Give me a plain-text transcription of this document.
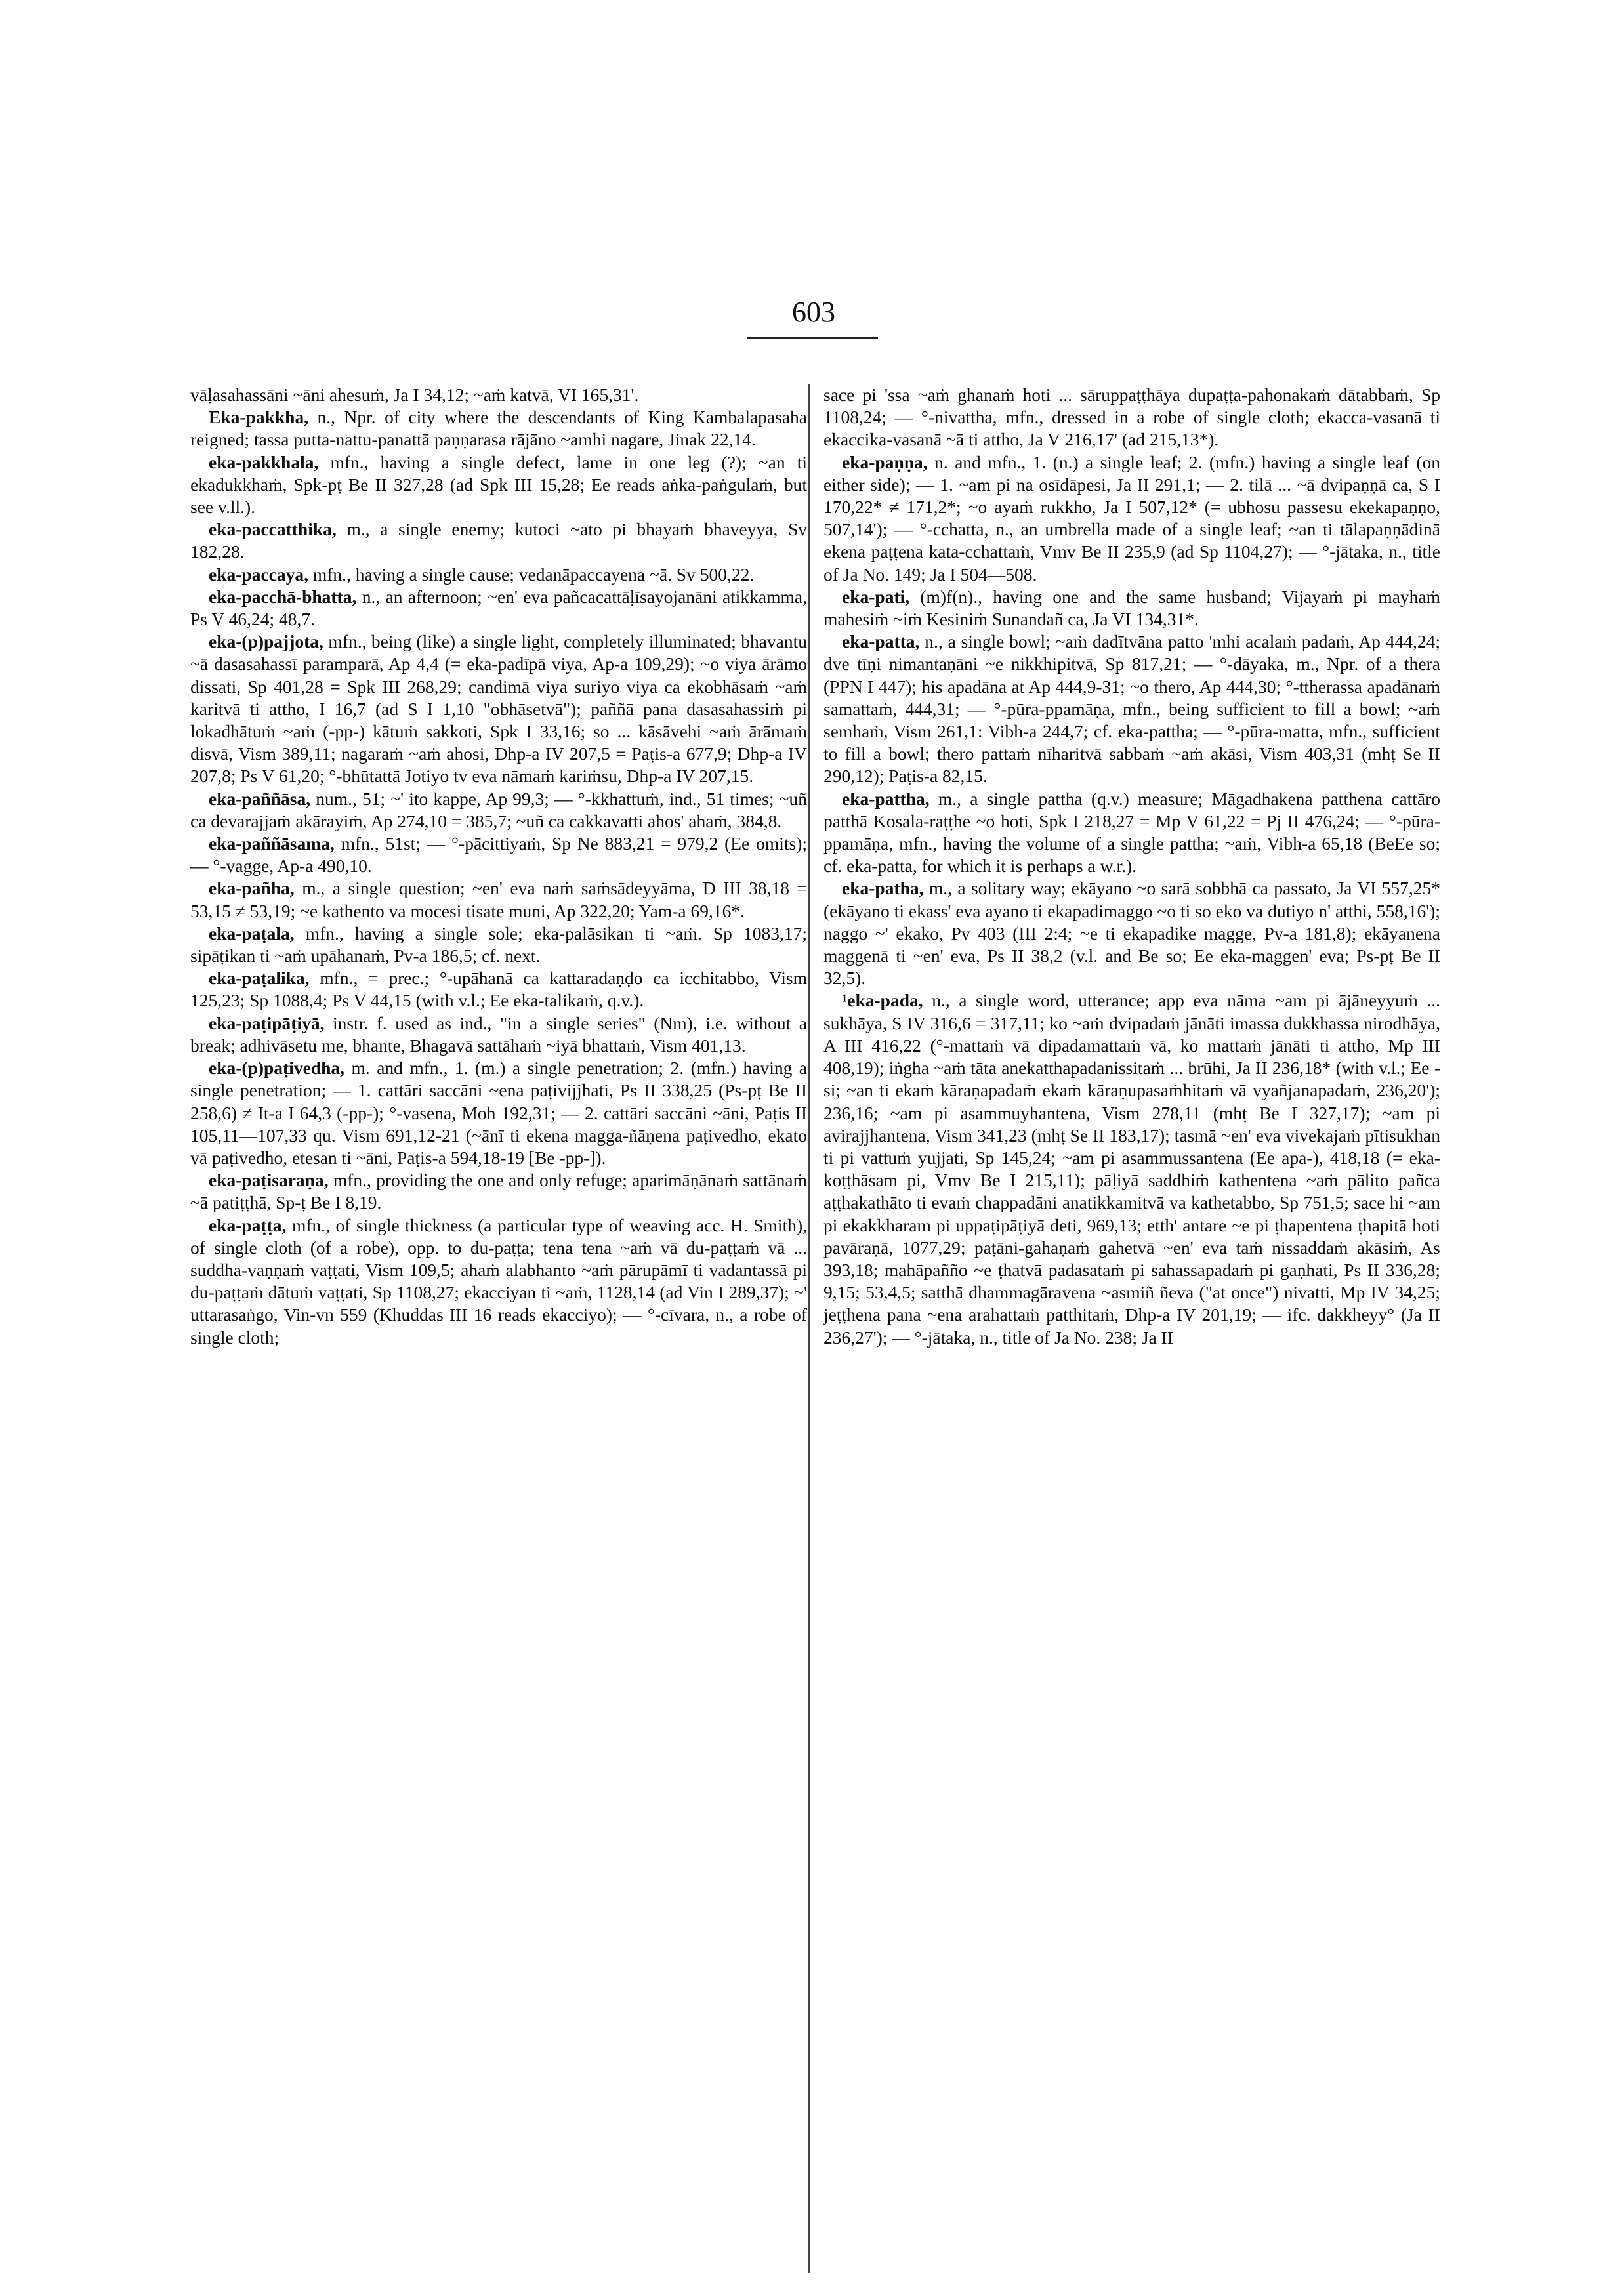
603

vāḷasahassāni ~āni ahesuṁ, Ja I 34,12; ~aṁ katvā, VI 165,31'.

Eka-pakkha, n., Npr. of city where the descendants of King Kambalapasaha reigned; tassa putta-nattu-panattā paṇṇarasa rājāno ~amhi nagare, Jinak 22,14.

eka-pakkhala, mfn., having a single defect, lame in one leg (?); ~an ti ekadukkhaṁ, Spk-pṭ Be II 327,28 (ad Spk III 15,28; Ee reads aṅka-paṅgulaṁ, but see v.ll.).

eka-paccatthika, m., a single enemy; kutoci ~ato pi bhayaṁ bhaveyya, Sv 182,28.

eka-paccaya, mfn., having a single cause; vedanāpaccayena ~ā. Sv 500,22.

eka-pacchā-bhatta, n., an afternoon; ~en' eva pañcacattāḷīsayojanāni atikkamma, Ps V 46,24; 48,7.

eka-(p)pajjota, mfn., being (like) a single light, completely illuminated; bhavantu ~ā dasasahassī paramparā, Ap 4,4 (= eka-padīpā viya, Ap-a 109,29); ~o viya ārāmo dissati, Sp 401,28 = Spk III 268,29; candimā viya suriyo viya ca ekobhāsaṁ ~aṁ karitvā ti attho, I 16,7 (ad S I 1,10 "obhāsetvā"); paññā pana dasasahassiṁ pi lokadhātuṁ ~aṁ (-pp-) kātuṁ sakkoti, Spk I 33,16; so ... kāsāvehi ~aṁ ārāmaṁ disvā, Vism 389,11; nagaraṁ ~aṁ ahosi, Dhp-a IV 207,5 = Paṭis-a 677,9; Dhp-a IV 207,8; Ps V 61,20; °-bhūtattā Jotiyo tv eva nāmaṁ kariṁsu, Dhp-a IV 207,15.

eka-paññāsa, num., 51; ~' ito kappe, Ap 99,3; — °-kkhattuṁ, ind., 51 times; ~uñ ca devarajjaṁ akārayiṁ, Ap 274,10 = 385,7; ~uñ ca cakkavatti ahos' ahaṁ, 384,8.

eka-paññāsama, mfn., 51st; — °-pācittiyaṁ, Sp Ne 883,21 = 979,2 (Ee omits); — °-vagge, Ap-a 490,10.

eka-pañha, m., a single question; ~en' eva naṁ saṁsādeyyāma, D III 38,18 = 53,15 ≠ 53,19; ~e kathento va mocesi tisate muni, Ap 322,20; Yam-a 69,16*.

eka-paṭala, mfn., having a single sole; eka-palāsikan ti ~aṁ. Sp 1083,17; sipāṭikan ti ~aṁ upāhanaṁ, Pv-a 186,5; cf. next.

eka-paṭalika, mfn., = prec.; °-upāhanā ca kattaradaṇḍo ca icchitabbo, Vism 125,23; Sp 1088,4; Ps V 44,15 (with v.l.; Ee eka-talikaṁ, q.v.).

eka-paṭipāṭiyā, instr. f. used as ind., "in a single series" (Nm), i.e. without a break; adhivāsetu me, bhante, Bhagavā sattāhaṁ ~iyā bhattaṁ, Vism 401,13.

eka-(p)paṭivedha, m. and mfn., 1. (m.) a single penetration; 2. (mfn.) having a single penetration; — 1. cattāri saccāni ~ena paṭivijjhati, Ps II 338,25 (Ps-pṭ Be II 258,6) ≠ It-a I 64,3 (-pp-); °-vasena, Moh 192,31; — 2. cattāri saccāni ~āni, Paṭis II 105,11—107,33 qu. Vism 691,12-21 (~ānī ti ekena magga-ñāṇena paṭivedho, ekato vā paṭivedho, etesan ti ~āni, Paṭis-a 594,18-19 [Be -pp-]).

eka-paṭisaraṇa, mfn., providing the one and only refuge; aparimāṇānaṁ sattānaṁ ~ā patiṭṭhā, Sp-ṭ Be I 8,19.

eka-paṭṭa, mfn., of single thickness (a particular type of weaving acc. H. Smith), of single cloth (of a robe), opp. to du-paṭṭa; tena tena ~aṁ vā du-paṭṭaṁ vā ... suddha-vaṇṇaṁ vaṭṭati, Vism 109,5; ahaṁ alabhanto ~aṁ pārupāmī ti vadantassā pi du-paṭṭaṁ dātuṁ vaṭṭati, Sp 1108,27; ekacciyan ti ~aṁ, 1128,14 (ad Vin I 289,37); ~' uttarasaṅgo, Vin-vn 559 (Khuddas III 16 reads ekacciyo); — °-cīvara, n., a robe of single cloth;

sace pi 'ssa ~aṁ ghanaṁ hoti ... sāruppaṭṭhāya dupaṭṭa-pahonakaṁ dātabbaṁ, Sp 1108,24; — °-nivattha, mfn., dressed in a robe of single cloth; ekacca-vasanā ti ekaccika-vasanā ~ā ti attho, Ja V 216,17' (ad 215,13*).

eka-paṇṇa, n. and mfn., 1. (n.) a single leaf; 2. (mfn.) having a single leaf (on either side); — 1. ~am pi na osīdāpesi, Ja II 291,1; — 2. tilā ... ~ā dvipaṇṇā ca, S I 170,22* ≠ 171,2*; ~o ayaṁ rukkho, Ja I 507,12* (= ubhosu passesu ekekapaṇṇo, 507,14'); — °-cchatta, n., an umbrella made of a single leaf; ~an ti tālapaṇṇādinā ekena paṭṭena kata-cchattaṁ, Vmv Be II 235,9 (ad Sp 1104,27); — °-jātaka, n., title of Ja No. 149; Ja I 504—508.

eka-pati, (m)f(n)., having one and the same husband; Vijayaṁ pi mayhaṁ mahesiṁ ~iṁ Kesiniṁ Sunandañ ca, Ja VI 134,31*.

eka-patta, n., a single bowl; ~aṁ dadītvāna patto 'mhi acalaṁ padaṁ, Ap 444,24; dve tīṇi nimantaṇāni ~e nikkhipitvā, Sp 817,21; — °-dāyaka, m., Npr. of a thera (PPN I 447); his apadāna at Ap 444,9-31; ~o thero, Ap 444,30; °-ttherassa apadānaṁ samattaṁ, 444,31; — °-pūra-ppamāṇa, mfn., being sufficient to fill a bowl; ~aṁ semhaṁ, Vism 261,1: Vibh-a 244,7; cf. eka-pattha; — °-pūra-matta, mfn., sufficient to fill a bowl; thero pattaṁ nīharitvā sabbaṁ ~aṁ akāsi, Vism 403,31 (mhṭ Se II 290,12); Paṭis-a 82,15.

eka-pattha, m., a single pattha (q.v.) measure; Māgadhakena patthena cattāro patthā Kosala-raṭṭhe ~o hoti, Spk I 218,27 = Mp V 61,22 = Pj II 476,24; — °-pūra-ppamāṇa, mfn., having the volume of a single pattha; ~aṁ, Vibh-a 65,18 (BeEe so; cf. eka-patta, for which it is perhaps a w.r.).

eka-patha, m., a solitary way; ekāyano ~o sarā sobbhā ca passato, Ja VI 557,25* (ekāyano ti ekass' eva ayano ti ekapadimaggo ~o ti so eko va dutiyo n' atthi, 558,16'); naggo ~' ekako, Pv 403 (III 2:4; ~e ti ekapadike magge, Pv-a 181,8); ekāyanena maggenā ti ~en' eva, Ps II 38,2 (v.l. and Be so; Ee eka-maggen' eva; Ps-pṭ Be II 32,5).

¹eka-pada, n., a single word, utterance; app eva nāma ~am pi ājāneyyuṁ ... sukhāya, S IV 316,6 = 317,11; ko ~aṁ dvipadaṁ jānāti imassa dukkhassa nirodhāya, A III 416,22 (°-mattaṁ vā dipadamattaṁ vā, ko mattaṁ jānāti ti attho, Mp III 408,19); iṅgha ~aṁ tāta anekatthapadanissitaṁ ... brūhi, Ja II 236,18* (with v.l.; Ee -si; ~an ti ekaṁ kāraṇapadaṁ ekaṁ kāraṇupasaṁhitaṁ vā vyañjanapadaṁ, 236,20'); 236,16; ~am pi asammuyhantena, Vism 278,11 (mhṭ Be I 327,17); ~am pi avirajjhantena, Vism 341,23 (mhṭ Se II 183,17); tasmā ~en' eva vivekajaṁ pītisukhan ti pi vattuṁ yujjati, Sp 145,24; ~am pi asammussantena (Ee apa-), 418,18 (= eka-koṭṭhāsam pi, Vmv Be I 215,11); pāḷiyā saddhiṁ kathentena ~aṁ pālito pañca aṭṭhakathāto ti evaṁ chappadāni anatikkamitvā va kathetabbo, Sp 751,5; sace hi ~am pi ekakkharam pi uppaṭipāṭiyā deti, 969,13; etth' antare ~e pi ṭhapentena ṭhapitā hoti pavāraṇā, 1077,29; paṭāni-gahaṇaṁ gahetvā ~en' eva taṁ nissaddaṁ akāsiṁ, As 393,18; mahāpañño ~e ṭhatvā padasataṁ pi sahassapadaṁ pi gaṇhati, Ps II 336,28; 9,15; 53,4,5; satthā dhammagāravena ~asmiñ ñeva ("at once") nivatti, Mp IV 34,25; jeṭṭhena pana ~ena arahattaṁ patthitaṁ, Dhp-a IV 201,19; — ifc. dakkheyy° (Ja II 236,27'); — °-jātaka, n., title of Ja No. 238; Ja II
